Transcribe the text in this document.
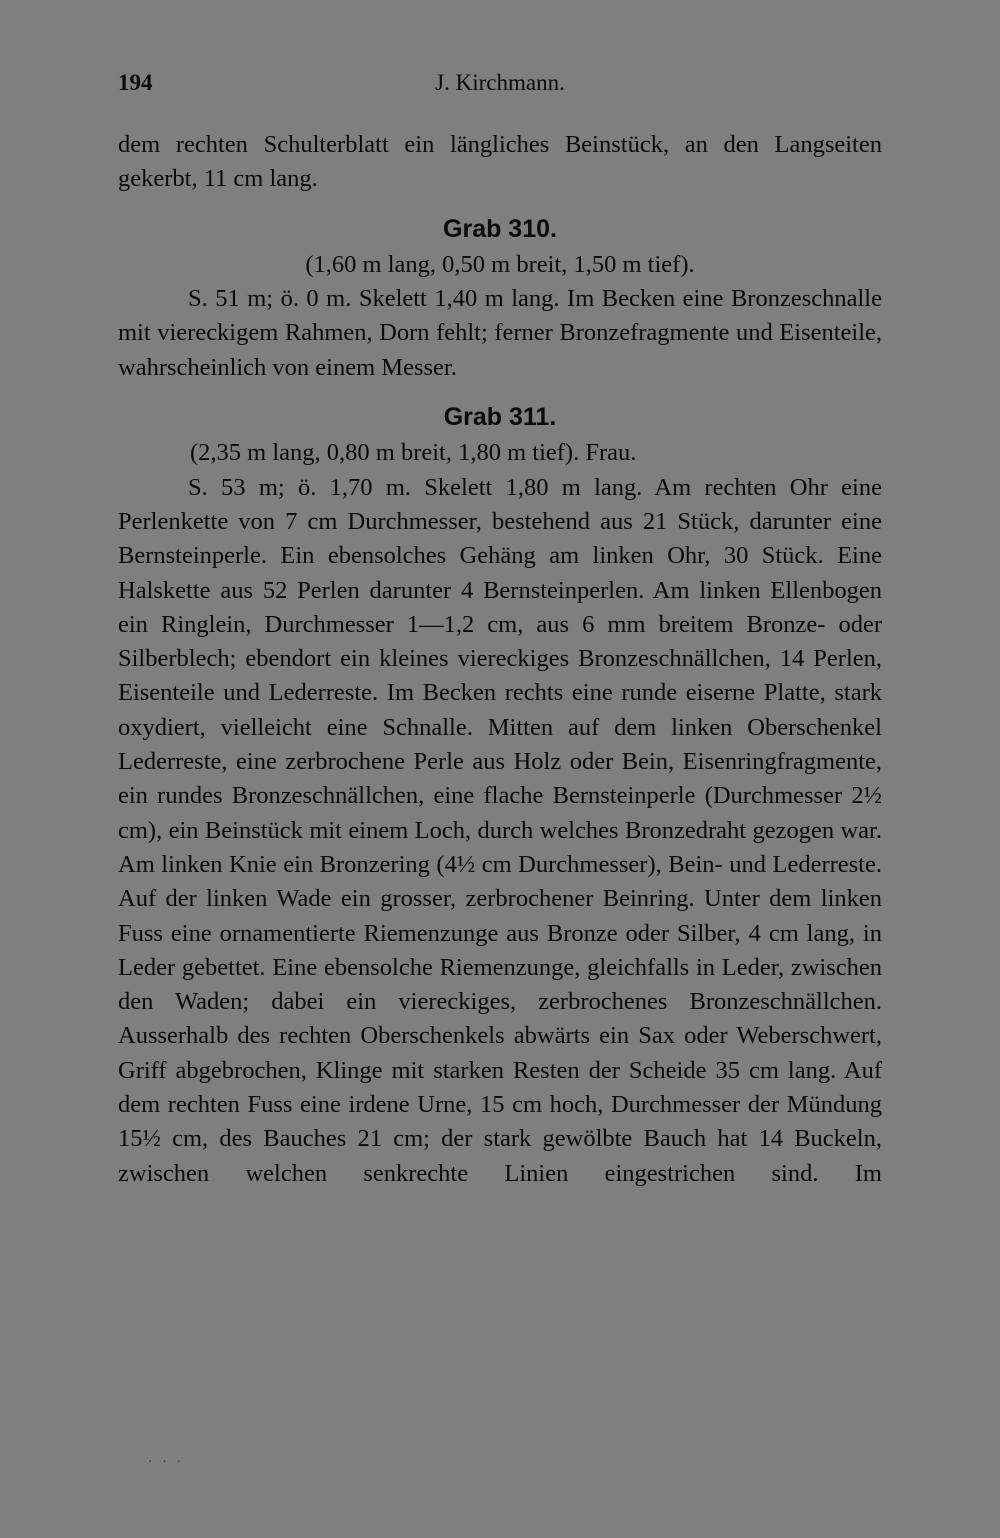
194	J. Kirchmann.

dem rechten Schulterblatt ein längliches Beinstück, an den Langseiten gekerbt, 11 cm lang.

Grab 310.
(1,60 m lang, 0,50 m breit, 1,50 m tief).

S. 51 m; ö. 0 m. Skelett 1,40 m lang. Im Becken eine Bronzeschnalle mit viereckigem Rahmen, Dorn fehlt; ferner Bronzefragmente und Eisenteile, wahrscheinlich von einem Messer.

Grab 311.
(2,35 m lang, 0,80 m breit, 1,80 m tief). Frau.

S. 53 m; ö. 1,70 m. Skelett 1,80 m lang. Am rechten Ohr eine Perlenkette von 7 cm Durchmesser, bestehend aus 21 Stück, darunter eine Bernsteinperle. Ein ebensolches Gehäng am linken Ohr, 30 Stück. Eine Halskette aus 52 Perlen darunter 4 Bernsteinperlen. Am linken Ellenbogen ein Ringlein, Durchmesser 1—1,2 cm, aus 6 mm breitem Bronze- oder Silberblech; ebendort ein kleines viereckiges Bronzeschnällchen, 14 Perlen, Eisenteile und Lederreste. Im Becken rechts eine runde eiserne Platte, stark oxydiert, vielleicht eine Schnalle. Mitten auf dem linken Oberschenkel Lederreste, eine zerbrochene Perle aus Holz oder Bein, Eisenringfragmente, ein rundes Bronzeschnällchen, eine flache Bernsteinperle (Durchmesser 2½ cm), ein Beinstück mit einem Loch, durch welches Bronzedraht gezogen war. Am linken Knie ein Bronzering (4½ cm Durchmesser), Bein- und Lederreste. Auf der linken Wade ein grosser, zerbrochener Beinring. Unter dem linken Fuss eine ornamentierte Riemenzunge aus Bronze oder Silber, 4 cm lang, in Leder gebettet. Eine ebensolche Riemenzunge, gleichfalls in Leder, zwischen den Waden; dabei ein viereckiges, zerbrochenes Bronzeschnällchen. Ausserhalb des rechten Oberschenkels abwärts ein Sax oder Weberschwert, Griff abgebrochen, Klinge mit starken Resten der Scheide 35 cm lang. Auf dem rechten Fuss eine irdene Urne, 15 cm hoch, Durchmesser der Mündung 15½ cm, des Bauches 21 cm; der stark gewölbte Bauch hat 14 Buckeln, zwischen welchen senkrechte Linien eingestrichen sind. Im

· · ·
